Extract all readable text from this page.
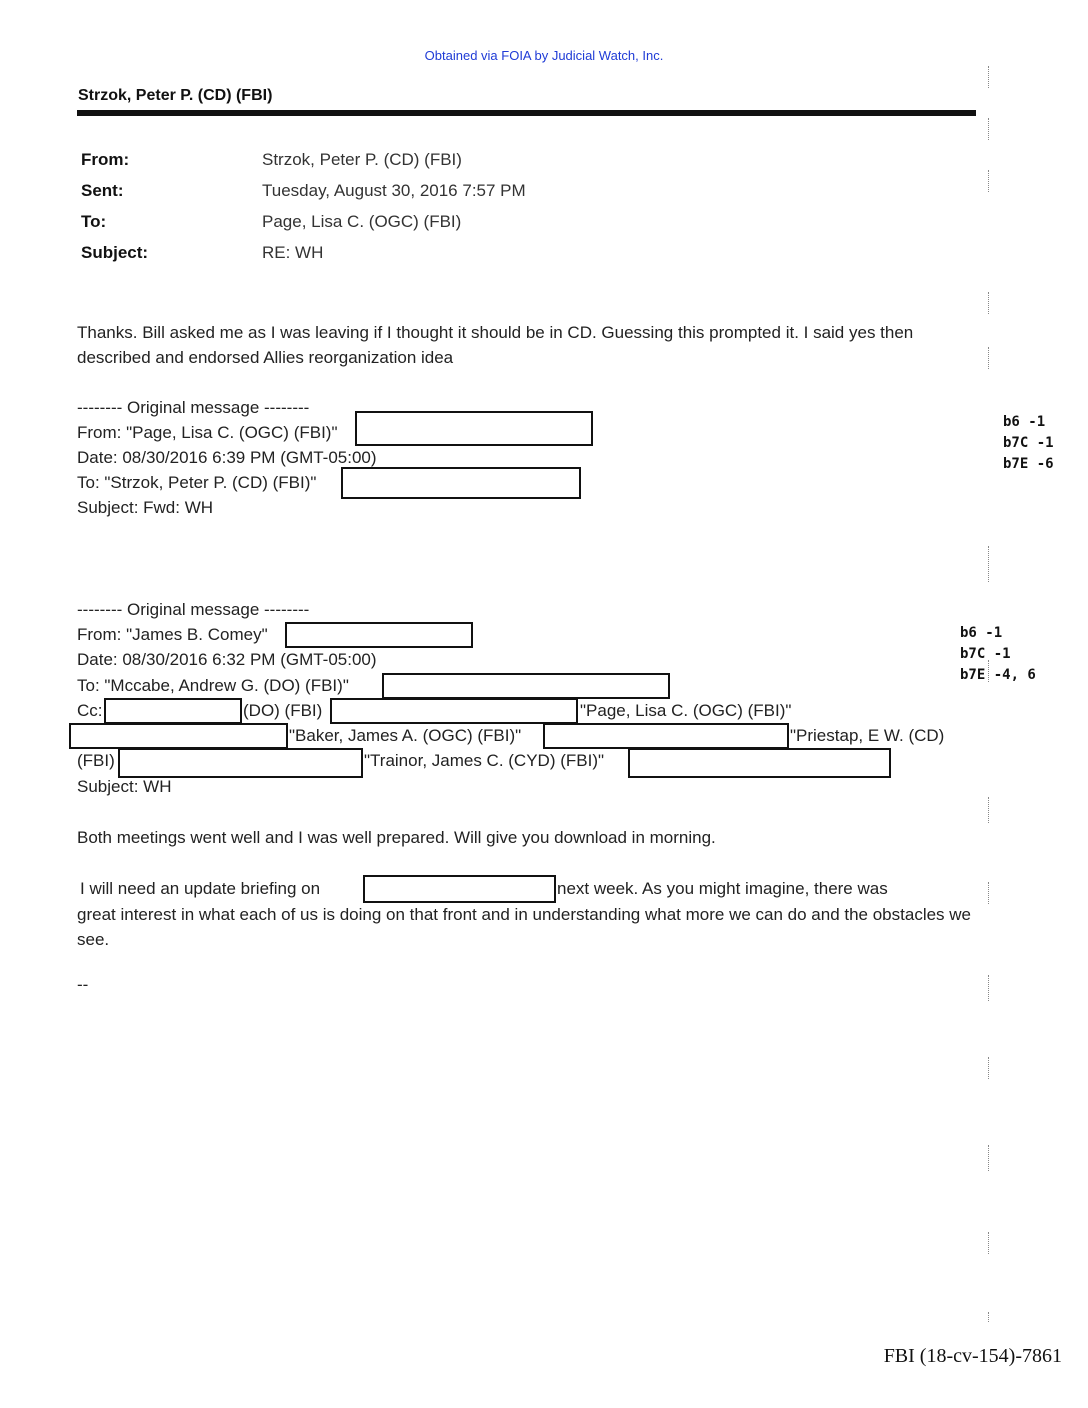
Obtained via FOIA by Judicial Watch, Inc.
Strzok, Peter P. (CD) (FBI)
From:	Strzok, Peter P. (CD) (FBI)
Sent:	Tuesday, August 30, 2016 7:57 PM
To:	Page, Lisa C. (OGC) (FBI)
Subject:	RE: WH
Thanks. Bill asked me as I was leaving if I thought it should be in CD. Guessing this prompted it. I said yes then described and endorsed Allies reorganization idea
-------- Original message --------
From: "Page, Lisa C. (OGC) (FBI)"
Date: 08/30/2016 6:39 PM (GMT-05:00)
To: "Strzok, Peter P. (CD) (FBI)"
Subject: Fwd: WH
b6 -1
b7C -1
b7E -6
-------- Original message --------
From: "James B. Comey"
Date: 08/30/2016 6:32 PM (GMT-05:00)
To: "Mccabe, Andrew G. (DO) (FBI)"
Cc:	(DO) (FBI)	"Page, Lisa C. (OGC) (FBI)"
"Baker, James A. (OGC) (FBI)"	"Priestap, E W. (CD)
(FBI)	"Trainor, James C. (CYD) (FBI)"
Subject: WH
b6 -1
b7C -1
b7E -4, 6
Both meetings went well and I was well prepared. Will give you download in morning.
I will need an update briefing on	next week. As you might imagine, there was
great interest in what each of us is doing on that front and in understanding what more we can do and the obstacles we see.
--
FBI (18-cv-154)-7861
